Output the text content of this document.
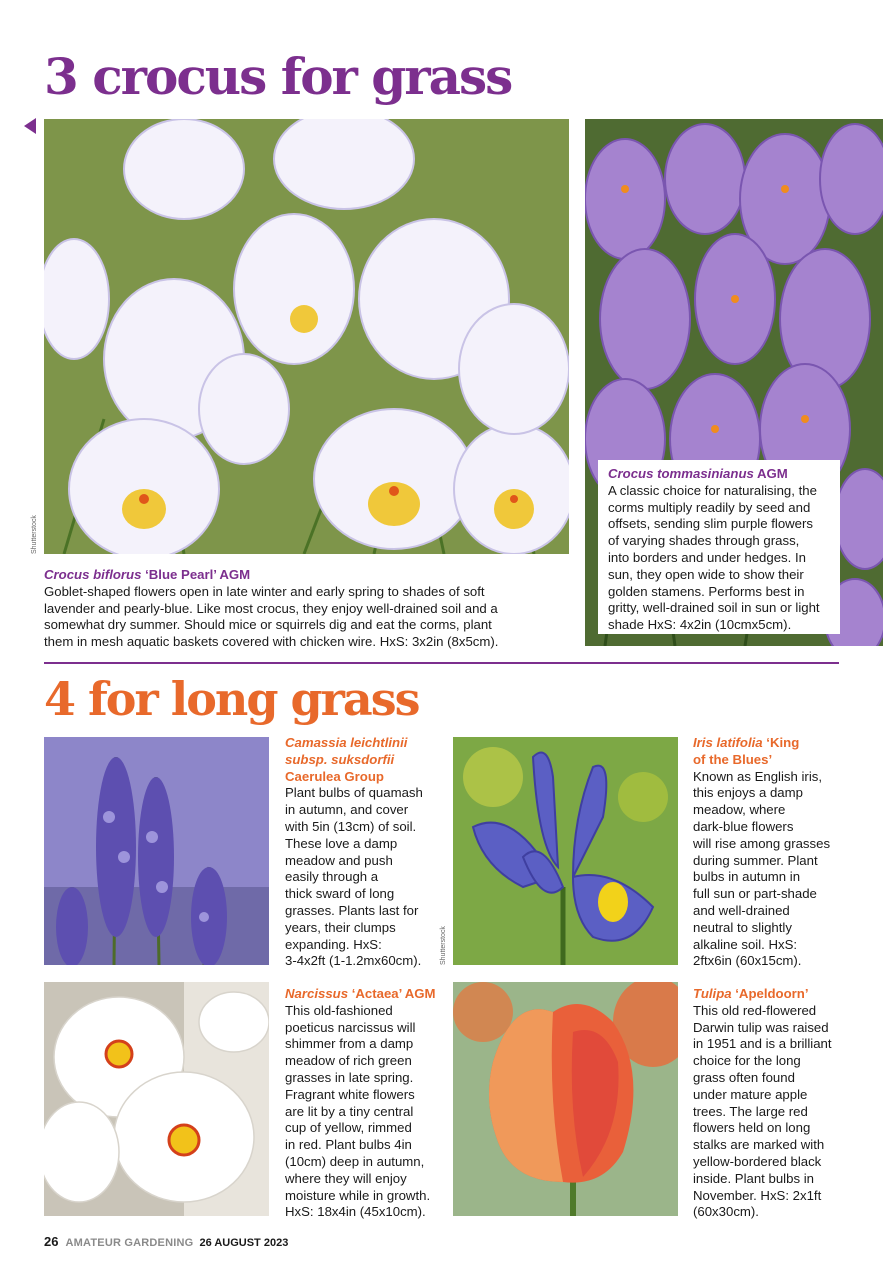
3 crocus for grass
Shutterstock
Crocus biflorus ‘Blue Pearl’ AGM
Goblet-shaped flowers open in late winter and early spring to shades of soft
lavender and pearly-blue. Like most crocus, they enjoy well-drained soil and a
somewhat dry summer. Should mice or squirrels dig and eat the corms, plant
them in mesh aquatic baskets covered with chicken wire. HxS: 3x2in (8x5cm).
Crocus tommasinianus AGM
A classic choice for naturalising, the
corms multiply readily by seed and
offsets, sending slim purple flowers
of varying shades through grass,
into borders and under hedges. In
sun, they open wide to show their
golden stamens. Performs best in
gritty, well-drained soil in sun or light
shade HxS: 4x2in (10cmx5cm).
4 for long grass
Camassia leichtlinii
subsp. suksdorfii
Caerulea Group
Plant bulbs of quamash
in autumn, and cover
with 5in (13cm) of soil.
These love a damp
meadow and push
easily through a
thick sward of long
grasses. Plants last for
years, their clumps
expanding. HxS:
3-4x2ft (1-1.2mx60cm).	Shutterstock
Iris latifolia ‘King
of the Blues’
Known as English iris,
this enjoys a damp
meadow, where
dark-blue flowers
will rise among grasses
during summer. Plant
bulbs in autumn in
full sun or part-shade
and well-drained
neutral to slightly
alkaline soil. HxS:
2ftx6in (60x15cm).
Narcissus ‘Actaea’ AGM
This old-fashioned
poeticus narcissus will
shimmer from a damp
meadow of rich green
grasses in late spring.
Fragrant white flowers
are lit by a tiny central
cup of yellow, rimmed
in red. Plant bulbs 4in
(10cm) deep in autumn,
where they will enjoy
moisture while in growth.
HxS: 18x4in (45x10cm).
Tulipa ‘Apeldoorn’
This old red-flowered
Darwin tulip was raised
in 1951 and is a brilliant
choice for the long
grass often found
under mature apple
trees. The large red
flowers held on long
stalks are marked with
yellow-bordered black
inside. Plant bulbs in
November. HxS: 2x1ft
(60x30cm).
26 AMATEUR GARDENING 26 AUGUST 2023
